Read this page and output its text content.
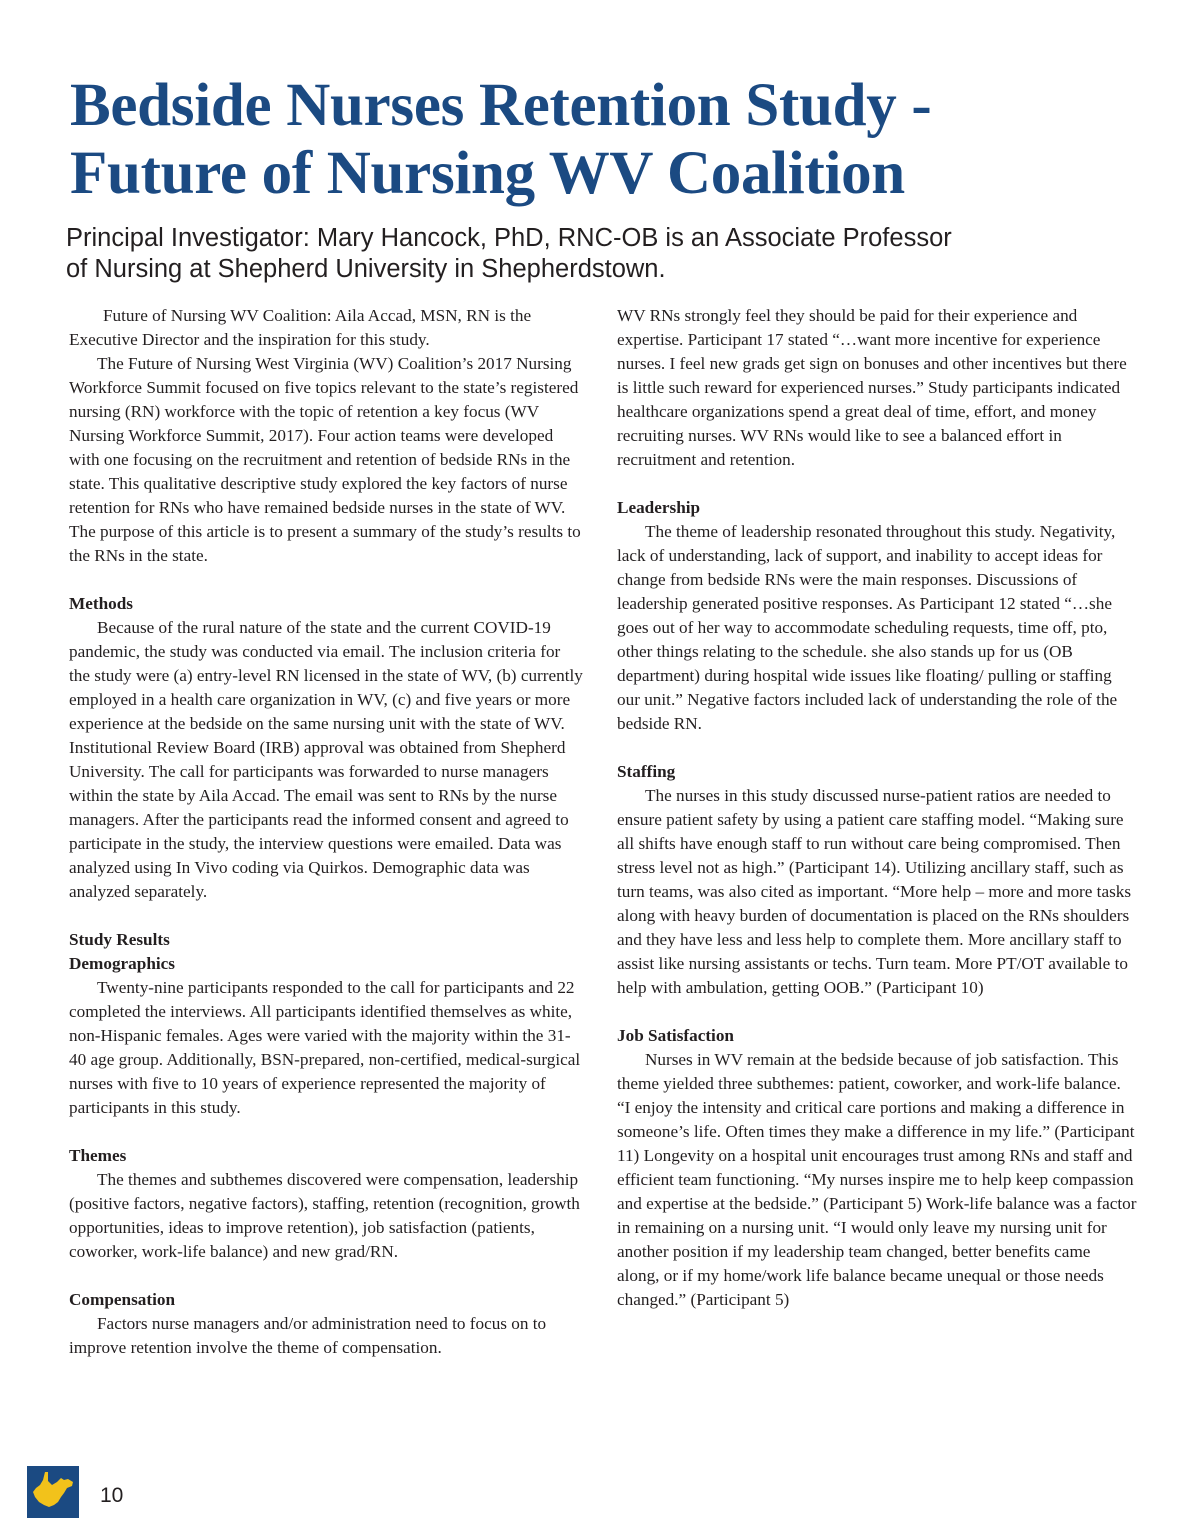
Bedside Nurses Retention Study -
Future of Nursing WV Coalition
Principal Investigator: Mary Hancock, PhD, RNC-OB is an Associate Professor
of Nursing at Shepherd University in Shepherdstown.

Future of Nursing WV Coalition: Aila Accad, MSN, RN is the Executive Director and the inspiration for this study.

The Future of Nursing West Virginia (WV) Coalition’s 2017 Nursing Workforce Summit focused on five topics relevant to the state’s registered nursing (RN) workforce with the topic of retention a key focus (WV Nursing Workforce Summit, 2017). Four action teams were developed with one focusing on the recruitment and retention of bedside RNs in the state. This qualitative descriptive study explored the key factors of nurse retention for RNs who have remained bedside nurses in the state of WV. The purpose of this article is to present a summary of the study’s results to the RNs in the state.

Methods

Because of the rural nature of the state and the current COVID-19 pandemic, the study was conducted via email. The inclusion criteria for the study were (a) entry-level RN licensed in the state of WV, (b) currently employed in a health care organization in WV, (c) and five years or more experience at the bedside on the same nursing unit with the state of WV. Institutional Review Board (IRB) approval was obtained from Shepherd University. The call for participants was forwarded to nurse managers within the state by Aila Accad. The email was sent to RNs by the nurse managers. After the participants read the informed consent and agreed to participate in the study, the interview questions were emailed. Data was analyzed using In Vivo coding via Quirkos. Demographic data was analyzed separately.

Study Results
Demographics

Twenty-nine participants responded to the call for participants and 22 completed the interviews. All participants identified themselves as white, non-Hispanic females. Ages were varied with the majority within the 31-40 age group. Additionally, BSN-prepared, non-certified, medical-surgical nurses with five to 10 years of experience represented the majority of participants in this study.

Themes

The themes and subthemes discovered were compensation, leadership (positive factors, negative factors), staffing, retention (recognition, growth opportunities, ideas to improve retention), job satisfaction (patients, coworker, work-life balance) and new grad/RN.

Compensation

Factors nurse managers and/or administration need to focus on to improve retention involve the theme of compensation.

WV RNs strongly feel they should be paid for their experience and expertise. Participant 17 stated “…want more incentive for experience nurses. I feel new grads get sign on bonuses and other incentives but there is little such reward for experienced nurses.” Study participants indicated healthcare organizations spend a great deal of time, effort, and money recruiting nurses. WV RNs would like to see a balanced effort in recruitment and retention.

Leadership

The theme of leadership resonated throughout this study. Negativity, lack of understanding, lack of support, and inability to accept ideas for change from bedside RNs were the main responses. Discussions of leadership generated positive responses. As Participant 12 stated “…she goes out of her way to accommodate scheduling requests, time off, pto, other things relating to the schedule. she also stands up for us (OB department) during hospital wide issues like floating/ pulling or staffing our unit.” Negative factors included lack of understanding the role of the bedside RN.

Staffing

The nurses in this study discussed nurse-patient ratios are needed to ensure patient safety by using a patient care staffing model. “Making sure all shifts have enough staff to run without care being compromised. Then stress level not as high.” (Participant 14). Utilizing ancillary staff, such as turn teams, was also cited as important. “More help – more and more tasks along with heavy burden of documentation is placed on the RNs shoulders and they have less and less help to complete them. More ancillary staff to assist like nursing assistants or techs. Turn team. More PT/OT available to help with ambulation, getting OOB.” (Participant 10)

Job Satisfaction

Nurses in WV remain at the bedside because of job satisfaction. This theme yielded three subthemes: patient, coworker, and work-life balance. “I enjoy the intensity and critical care portions and making a difference in someone’s life. Often times they make a difference in my life.” (Participant 11) Longevity on a hospital unit encourages trust among RNs and staff and efficient team functioning. “My nurses inspire me to help keep compassion and expertise at the bedside.” (Participant 5) Work-life balance was a factor in remaining on a nursing unit. “I would only leave my nursing unit for another position if my leadership team changed, better benefits came along, or if my home/work life balance became unequal or those needs changed.” (Participant 5)

10
